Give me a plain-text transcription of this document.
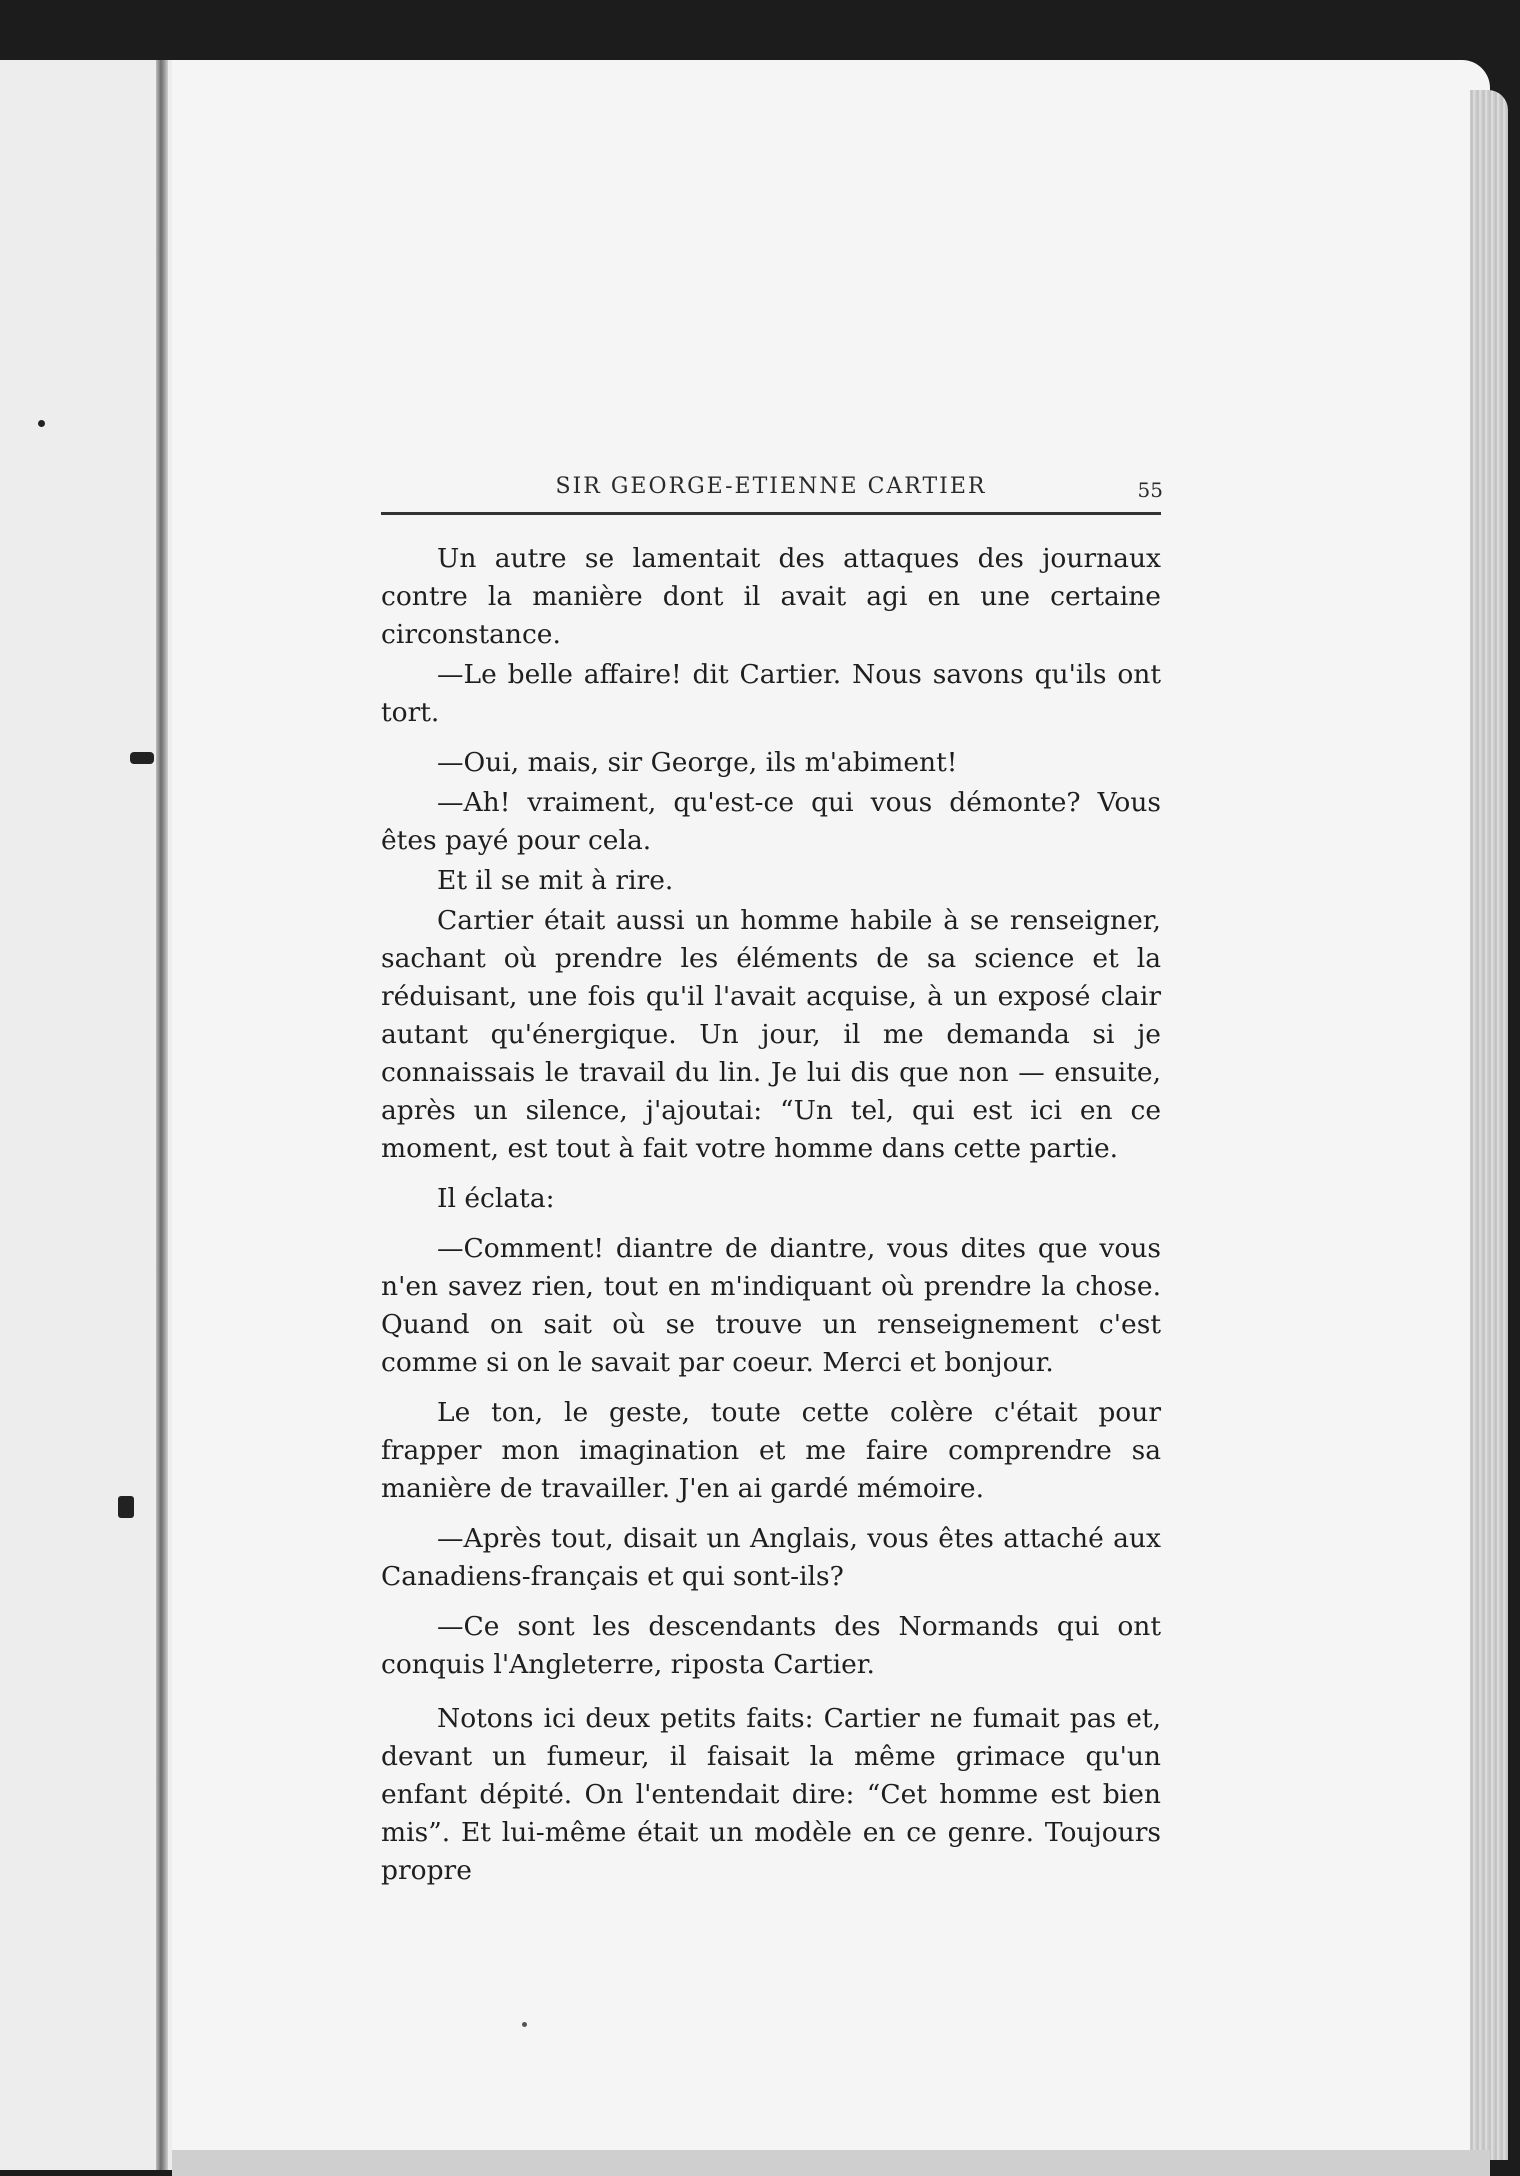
SIR GEORGE-ETIENNE CARTIER	55

Un autre se lamentait des attaques des journaux contre la manière dont il avait agi en une certaine circonstance.

—Le belle affaire! dit Cartier. Nous savons qu'ils ont tort.

—Oui, mais, sir George, ils m'abiment!

—Ah! vraiment, qu'est-ce qui vous démonte? Vous êtes payé pour cela.

Et il se mit à rire.

Cartier était aussi un homme habile à se renseigner, sachant où prendre les éléments de sa science et la réduisant, une fois qu'il l'avait acquise, à un exposé clair autant qu'énergique. Un jour, il me demanda si je connaissais le travail du lin. Je lui dis que non — ensuite, après un silence, j'ajoutai: “Un tel, qui est ici en ce moment, est tout à fait votre homme dans cette partie.

Il éclata:

—Comment! diantre de diantre, vous dites que vous n'en savez rien, tout en m'indiquant où prendre la chose. Quand on sait où se trouve un renseignement c'est comme si on le savait par coeur. Merci et bonjour.

Le ton, le geste, toute cette colère c'était pour frapper mon imagination et me faire comprendre sa manière de travailler. J'en ai gardé mémoire.

—Après tout, disait un Anglais, vous êtes attaché aux Canadiens-français et qui sont-ils?

—Ce sont les descendants des Normands qui ont conquis l'Angleterre, riposta Cartier.

Notons ici deux petits faits: Cartier ne fumait pas et, devant un fumeur, il faisait la même grimace qu'un enfant dépité. On l'entendait dire: “Cet homme est bien mis”. Et lui-même était un modèle en ce genre. Toujours propre
